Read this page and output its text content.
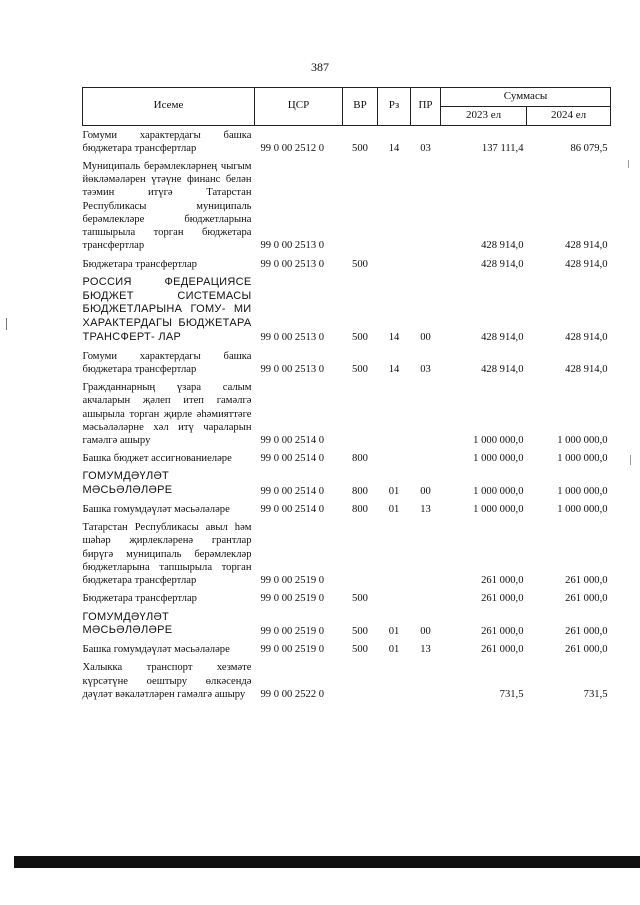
387
Исеме	ЦСР	ВР	Рз	ПР	Суммасы	
					2023 ел	2024 ел
Гомуми характердагы башка бюджетара трансфертлар	99 0 00 2512 0	500	14	03	137 111,4	86 079,5
Муниципаль берәмлекләрнең чыгым йөкләмәләрен үтәүне финанс белән тәэмин итүгә Татарстан Республикасы муниципаль берәмлекләре бюджетларына тапшырыла торган бюджетара трансфертлар	99 0 00 2513 0				428 914,0	428 914,0
Бюджетара трансфертлар	99 0 00 2513 0	500			428 914,0	428 914,0
РОССИЯ ФЕДЕРАЦИЯСЕ БЮДЖЕТ СИСТЕМАСЫ БЮДЖЕТЛАРЫНА ГОМУ- МИ ХАРАКТЕРДАГЫ БЮДЖЕТАРА ТРАНСФЕРТ- ЛАР	99 0 00 2513 0	500	14	00	428 914,0	428 914,0
Гомуми характердагы башка бюджетара трансфертлар	99 0 00 2513 0	500	14	03	428 914,0	428 914,0
Гражданнарның үзара салым акчаларын җәлеп итеп гамәлгә ашырыла торган җирле әһәмияттәге мәсьәләләрне хәл итү чараларын гамәлгә ашыру	99 0 00 2514 0				1 000 000,0	1 000 000,0
Башка бюджет ассигнованиеләре	99 0 00 2514 0	800			1 000 000,0	1 000 000,0
ГОМУМДӘҮЛӘТ МӘСЬӘЛӘЛӘРЕ	99 0 00 2514 0	800	01	00	1 000 000,0	1 000 000,0
Башка гомумдәүләт мәсьәләләре	99 0 00 2514 0	800	01	13	1 000 000,0	1 000 000,0
Татарстан Республикасы авыл һәм шәһәр җирлекләренә грантлар бирүгә муниципаль берәмлекләр бюджетларына тапшырыла торган бюджетара трансфертлар	99 0 00 2519 0				261 000,0	261 000,0
Бюджетара трансфертлар	99 0 00 2519 0	500			261 000,0	261 000,0
ГОМУМДӘҮЛӘТ МӘСЬӘЛӘЛӘРЕ	99 0 00 2519 0	500	01	00	261 000,0	261 000,0
Башка гомумдәүләт мәсьәләләре	99 0 00 2519 0	500	01	13	261 000,0	261 000,0
Халыкка транспорт хезмәте күрсәтүне оештыру өлкәсендә дәүләт вәкаләтләрен гамәлгә ашыру	99 0 00 2522 0				731,5	731,5
